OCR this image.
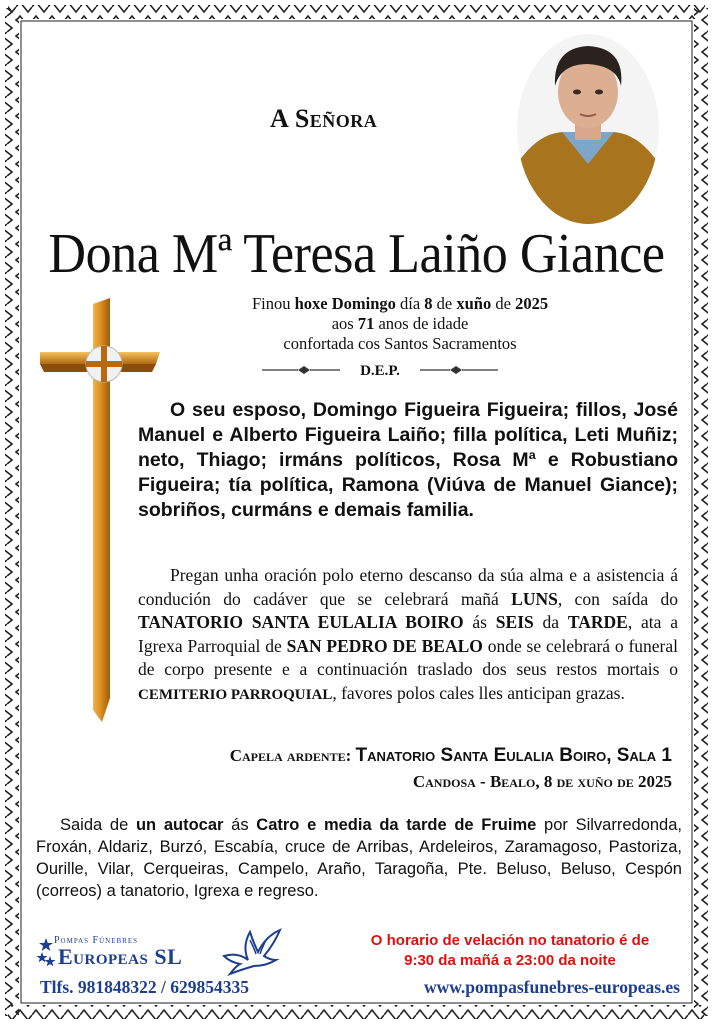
A Señora
Dona Mª Teresa Laiño Giance
Finou hoxe Domingo día 8 de xuño de 2025
aos 71 anos de idade
confortada cos Santos Sacramentos
D.E.P.
O seu esposo, Domingo Figueira Figueira; fillos, José Manuel e Alberto Figueira Laiño; filla política, Leti Muñiz; neto, Thiago; irmáns políticos, Rosa Mª e Robustiano Figueira; tía política, Ramona (Viúva de Manuel Giance); sobriños, curmáns e demais familia.
Pregan unha oración polo eterno descanso da súa alma e a asistencia á condución do cadáver que se celebrará mañá LUNS, con saída do TANATORIO SANTA EULALIA BOIRO ás SEIS da TARDE, ata a Igrexa Parroquial de SAN PEDRO DE BEALO onde se celebrará o funeral de corpo presente e a continuación traslado dos seus restos mortais o CEMITERIO PARROQUIAL, favores polos cales lles anticipan grazas.
Capela ardente: Tanatorio Santa Eulalia Boiro, Sala 1
Candosa - Bealo, 8 de xuño de 2025
Saida de un autocar ás Catro e media da tarde de Fruime por Silvarredonda, Froxán, Aldariz, Burzó, Escabía, cruce de Arribas, Ardeleiros, Zaramagoso, Pastoriza, Ourille, Vilar, Cerqueiras, Campelo, Araño, Taragoña, Pte. Beluso, Beluso, Cespón (correos) a tanatorio, Igrexa e regreso.
Pompas Fúnebres
Europeas SL
O horario de velación no tanatorio é de
9:30 da mañá a 23:00 da noite
Tlfs. 981848322 / 629854335	www.pompasfunebres-europeas.es
